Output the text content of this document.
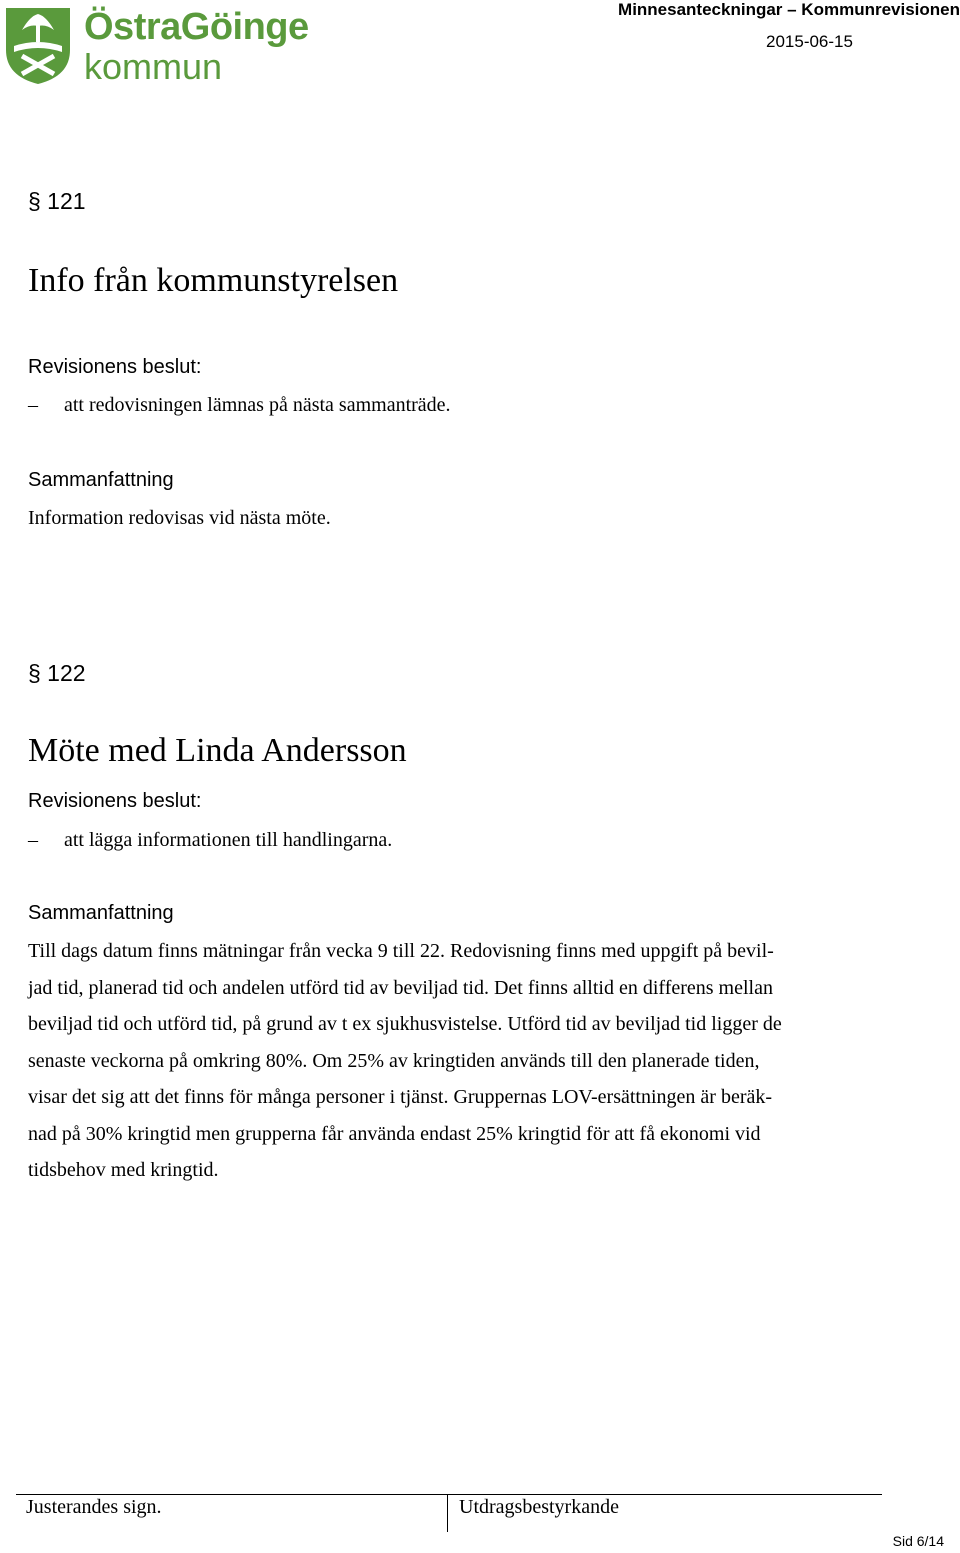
ÖstraGöinge
kommun
Minnesanteckningar – Kommunrevisionen
2015-06-15
§ 121
Info från kommunstyrelsen
Revisionens beslut:
– att redovisningen lämnas på nästa sammanträde.
Sammanfattning
Information redovisas vid nästa möte.
§ 122
Möte med Linda Andersson
Revisionens beslut:
– att lägga informationen till handlingarna.
Sammanfattning
Till dags datum finns mätningar från vecka 9 till 22. Redovisning finns med uppgift på bevil-
jad tid, planerad tid och andelen utförd tid av beviljad tid. Det finns alltid en differens mellan
beviljad tid och utförd tid, på grund av t ex sjukhusvistelse. Utförd tid av beviljad tid ligger de
senaste veckorna på omkring 80%. Om 25% av kringtiden används till den planerade tiden,
visar det sig att det finns för många personer i tjänst. Gruppernas LOV-ersättningen är beräk-
nad på 30% kringtid men grupperna får använda endast 25% kringtid för att få ekonomi vid
tidsbehov med kringtid.
Justerandes sign.	Utdragsbestyrkande
Sid 6/14
